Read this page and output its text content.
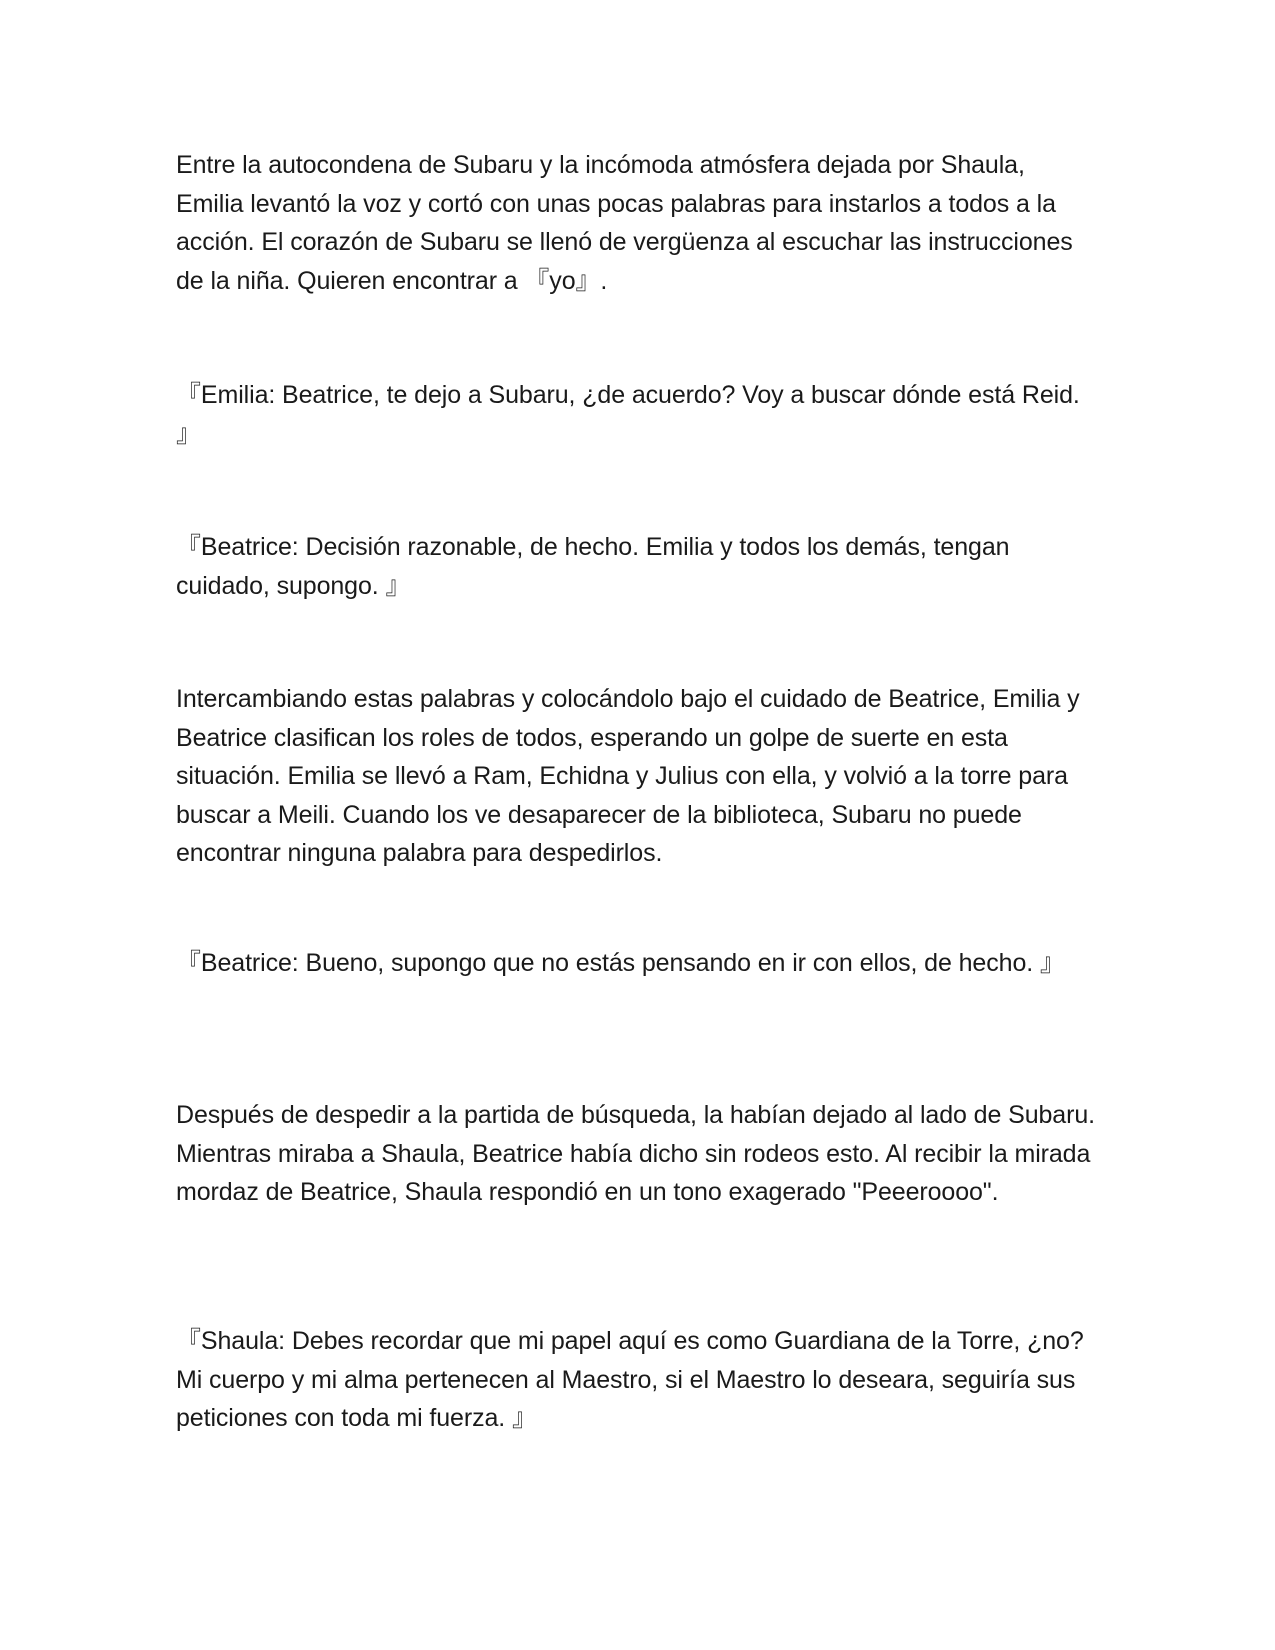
Entre la autocondena de Subaru y la incómoda atmósfera dejada por Shaula, Emilia levantó la voz y cortó con unas pocas palabras para instarlos a todos a la acción. El corazón de Subaru se llenó de vergüenza al escuchar las instrucciones de la niña. Quieren encontrar a 『yo』.

『Emilia: Beatrice, te dejo a Subaru, ¿de acuerdo? Voy a buscar dónde está Reid. 』

『Beatrice: Decisión razonable, de hecho. Emilia y todos los demás, tengan cuidado, supongo. 』

Intercambiando estas palabras y colocándolo bajo el cuidado de Beatrice, Emilia y Beatrice clasifican los roles de todos, esperando un golpe de suerte en esta situación. Emilia se llevó a Ram, Echidna y Julius con ella, y volvió a la torre para buscar a Meili. Cuando los ve desaparecer de la biblioteca, Subaru no puede encontrar ninguna palabra para despedirlos.

『Beatrice: Bueno, supongo que no estás pensando en ir con ellos, de hecho. 』

Después de despedir a la partida de búsqueda, la habían dejado al lado de Subaru. Mientras miraba a Shaula, Beatrice había dicho sin rodeos esto. Al recibir la mirada mordaz de Beatrice, Shaula respondió en un tono exagerado "Peeeroooo".

『Shaula: Debes recordar que mi papel aquí es como Guardiana de la Torre, ¿no? Mi cuerpo y mi alma pertenecen al Maestro, si el Maestro lo deseara, seguiría sus peticiones con toda mi fuerza. 』
